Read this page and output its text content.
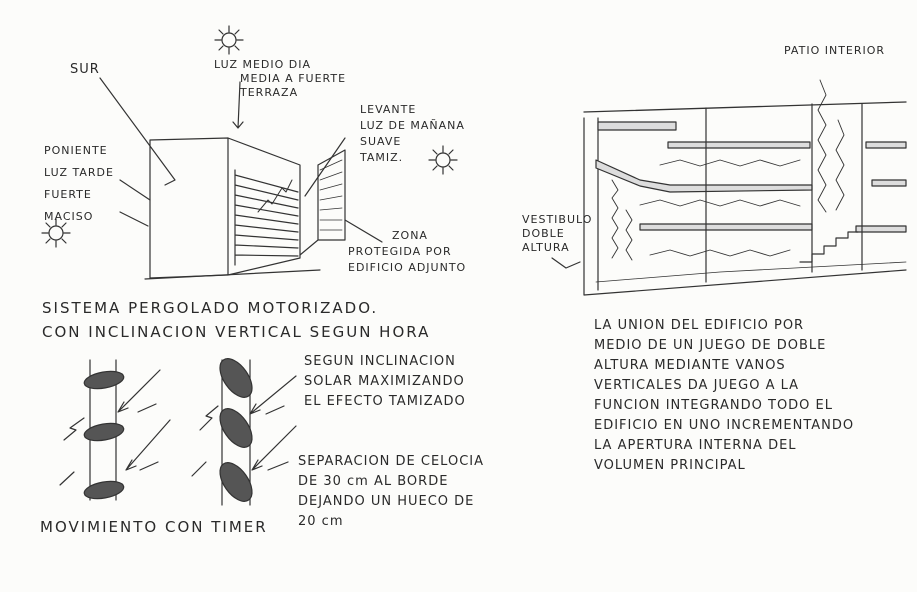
SUR	LUZ MEDIO DIA
MEDIA A FUERTE
TERRAZA
PONIENTE
LUZ TARDE
FUERTE
MACISO
LEVANTE
LUZ DE MAÑANA
SUAVE
TAMIZ.
ZONA
PROTEGIDA POR
EDIFICIO ADJUNTO
PATIO INTERIOR
VESTIBULO
DOBLE
ALTURA
SISTEMA PERGOLADO MOTORIZADO.
CON INCLINACION VERTICAL SEGUN HORA
SEGUN INCLINACION
SOLAR MAXIMIZANDO
EL EFECTO TAMIZADO
SEPARACION DE CELOCIA
DE 30 cm AL BORDE
DEJANDO UN HUECO DE
20 cm
MOVIMIENTO CON TIMER
LA UNION DEL EDIFICIO POR
MEDIO DE UN JUEGO DE DOBLE
ALTURA MEDIANTE VANOS
VERTICALES DA JUEGO A LA
FUNCION INTEGRANDO TODO EL
EDIFICIO EN UNO INCREMENTANDO
LA APERTURA INTERNA DEL
VOLUMEN PRINCIPAL
